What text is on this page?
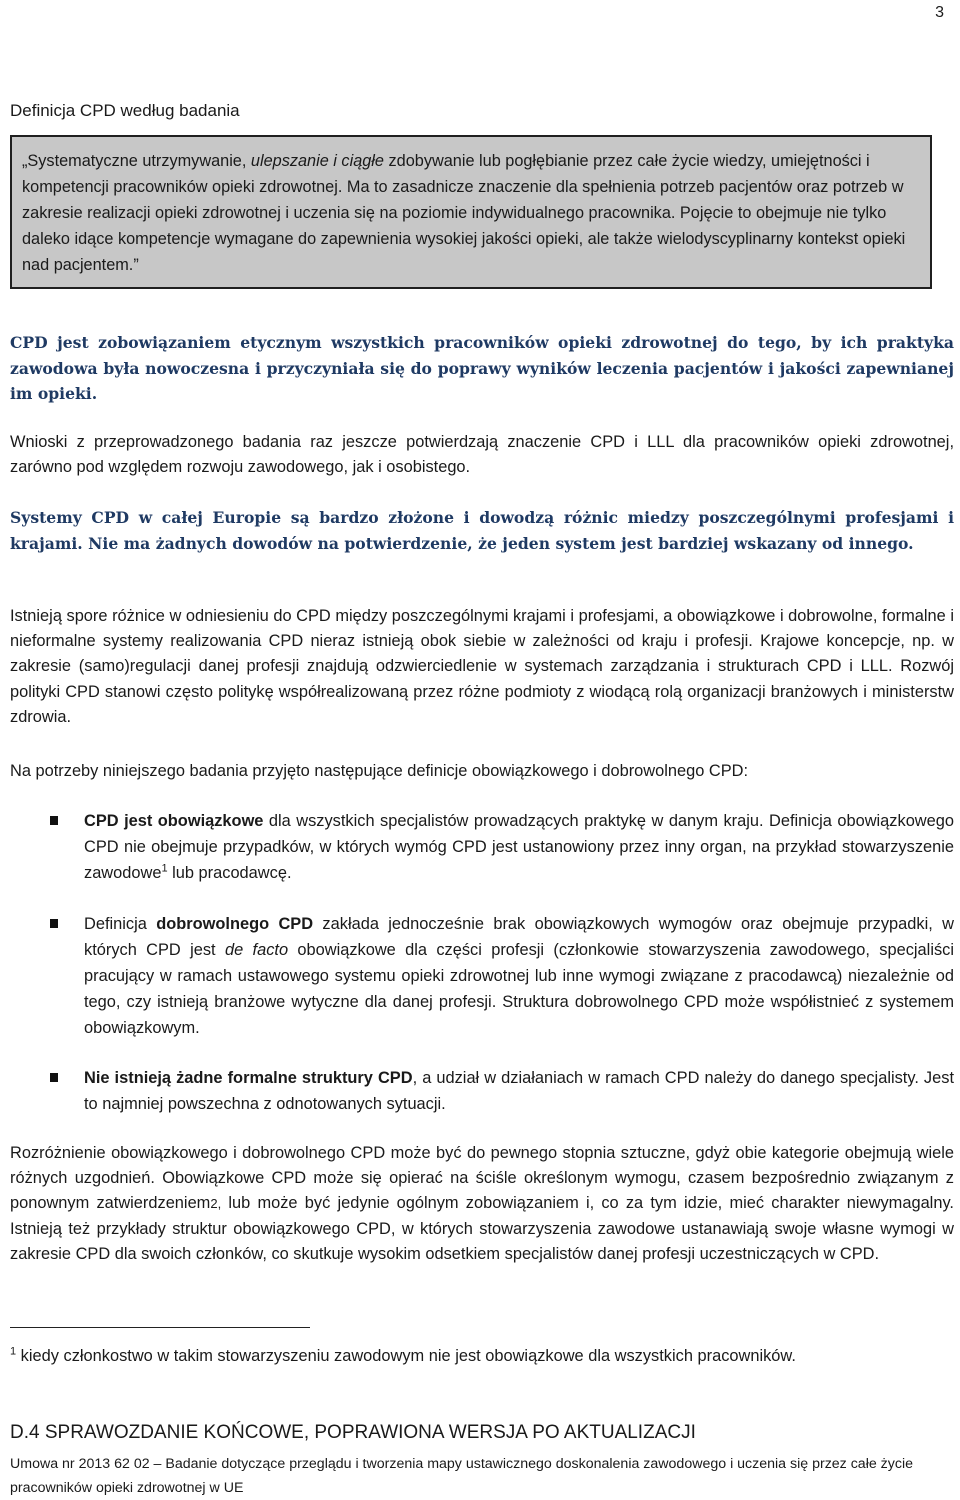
3
Definicja CPD według badania
„Systematyczne utrzymywanie, ulepszanie i ciągłe zdobywanie lub pogłębianie przez całe życie wiedzy, umiejętności i kompetencji pracowników opieki zdrowotnej. Ma to zasadnicze znaczenie dla spełnienia potrzeb pacjentów oraz potrzeb w zakresie realizacji opieki zdrowotnej i uczenia się na poziomie indywidualnego pracownika. Pojęcie to obejmuje nie tylko daleko idące kompetencje wymagane do zapewnienia wysokiej jakości opieki, ale także wielodyscyplinarny kontekst opieki nad pacjentem.”
CPD jest zobowiązaniem etycznym wszystkich pracowników opieki zdrowotnej do tego, by ich praktyka zawodowa była nowoczesna i przyczyniała się do poprawy wyników leczenia pacjentów i jakości zapewnianej im opieki.
Wnioski z przeprowadzonego badania raz jeszcze potwierdzają znaczenie CPD i LLL dla pracowników opieki zdrowotnej, zarówno pod względem rozwoju zawodowego, jak i osobistego.
Systemy CPD w całej Europie są bardzo złożone i dowodzą różnic miedzy poszczególnymi profesjami i krajami. Nie ma żadnych dowodów na potwierdzenie, że jeden system jest bardziej wskazany od innego.
Istnieją spore różnice w odniesieniu do CPD między poszczególnymi krajami i profesjami, a obowiązkowe i dobrowolne, formalne i nieformalne systemy realizowania CPD nieraz istnieją obok siebie w zależności od kraju i profesji. Krajowe koncepcje, np. w zakresie (samo)regulacji danej profesji znajdują odzwierciedlenie w systemach zarządzania i strukturach CPD i LLL. Rozwój polityki CPD stanowi często politykę współrealizowaną przez różne podmioty z wiodącą rolą organizacji branżowych i ministerstw zdrowia.
Na potrzeby niniejszego badania przyjęto następujące definicje obowiązkowego i dobrowolnego CPD:
CPD jest obowiązkowe dla wszystkich specjalistów prowadzących praktykę w danym kraju. Definicja obowiązkowego CPD nie obejmuje przypadków, w których wymóg CPD jest ustanowiony przez inny organ, na przykład stowarzyszenie zawodowe$^1$ lub pracodawcę.
Definicja dobrowolnego CPD zakłada jednocześnie brak obowiązkowych wymogów oraz obejmuje przypadki, w których CPD jest de facto obowiązkowe dla części profesji (członkowie stowarzyszenia zawodowego, specjaliści pracujący w ramach ustawowego systemu opieki zdrowotnej lub inne wymogi związane z pracodawcą) niezależnie od tego, czy istnieją branżowe wytyczne dla danej profesji. Struktura dobrowolnego CPD może współistnieć z systemem obowiązkowym.
Nie istnieją żadne formalne struktury CPD, a udział w działaniach w ramach CPD należy do danego specjalisty. Jest to najmniej powszechna z odnotowanych sytuacji.
Rozróżnienie obowiązkowego i dobrowolnego CPD może być do pewnego stopnia sztuczne, gdyż obie kategorie obejmują wiele różnych uzgodnień. Obowiązkowe CPD może się opierać na ściśle określonym wymogu, czasem bezpośrednio związanym z ponownym zatwierdzeniem2, lub może być jedynie ogólnym zobowiązaniem i, co za tym idzie, mieć charakter niewymagalny. Istnieją też przykłady struktur obowiązkowego CPD, w których stowarzyszenia zawodowe ustanawiają swoje własne wymogi w zakresie CPD dla swoich członków, co skutkuje wysokim odsetkiem specjalistów danej profesji uczestniczących w CPD.
$^1$ kiedy członkostwo w takim stowarzyszeniu zawodowym nie jest obowiązkowe dla wszystkich pracowników.
D.4 SPRAWOZDANIE KOŃCOWE, POPRAWIONA WERSJA PO AKTUALIZACJI
Umowa nr 2013 62 02 – Badanie dotyczące przeglądu i tworzenia mapy ustawicznego doskonalenia zawodowego i uczenia się przez całe życie pracowników opieki zdrowotnej w UE
